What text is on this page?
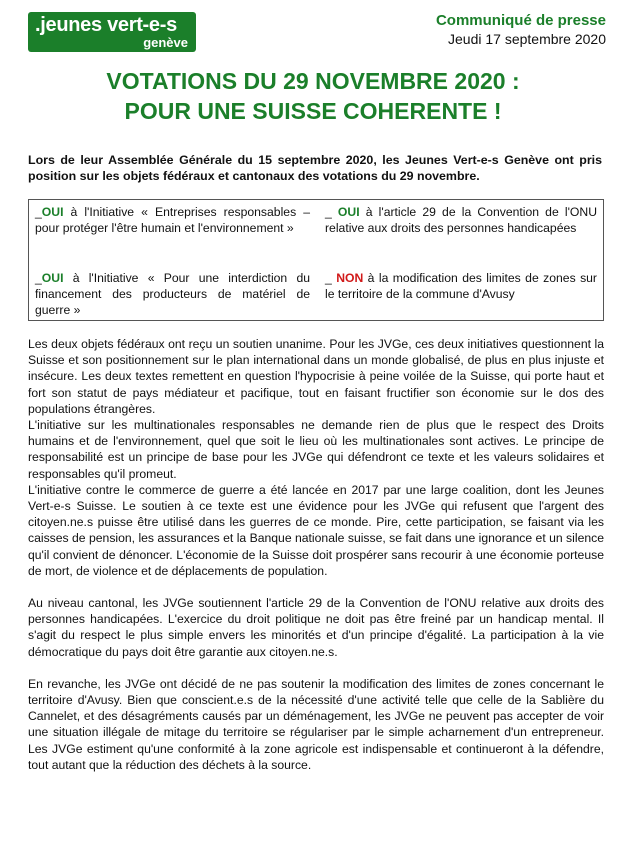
.jeunes vert-e-s
genève
Communiqué de presse
Jeudi 17 septembre 2020
VOTATIONS DU 29 NOVEMBRE 2020 :
POUR UNE SUISSE COHERENTE !
Lors de leur Assemblée Générale du 15 septembre 2020, les Jeunes Vert-e-s Genève ont pris position sur les objets fédéraux et cantonaux des votations du 29 novembre.
_OUI à l'Initiative « Entreprises responsables – pour protéger l'être humain et l'environnement »
_ OUI à l'article 29 de la Convention de l'ONU relative aux droits des personnes handicapées
_OUI à l'Initiative « Pour une interdiction du financement des producteurs de matériel de guerre »
_ NON à la modification des limites de zones sur le territoire de la commune d'Avusy

Les deux objets fédéraux ont reçu un soutien unanime. Pour les JVGe, ces deux initiatives questionnent la Suisse et son positionnement sur le plan international dans un monde globalisé, de plus en plus injuste et insécure. Les deux textes remettent en question l'hypocrisie à peine voilée de la Suisse, qui porte haut et fort son statut de pays médiateur et pacifique, tout en faisant fructifier son économie sur le dos des populations étrangères.

L'initiative sur les multinationales responsables ne demande rien de plus que le respect des Droits humains et de l'environnement, quel que soit le lieu où les multinationales sont actives. Le principe de responsabilité est un principe de base pour les JVGe qui défendront ce texte et les valeurs solidaires et responsables qu'il promeut.

L'initiative contre le commerce de guerre a été lancée en 2017 par une large coalition, dont les Jeunes Vert-e-s Suisse. Le soutien à ce texte est une évidence pour les JVGe qui refusent que l'argent des citoyen.ne.s puisse être utilisé dans les guerres de ce monde. Pire, cette participation, se faisant via les caisses de pension, les assurances et la Banque nationale suisse, se fait dans une ignorance et un silence qu'il convient de dénoncer. L'économie de la Suisse doit prospérer sans recourir à une économie porteuse de mort, de violence et de déplacements de population.

Au niveau cantonal, les JVGe soutiennent l'article 29 de la Convention de l'ONU relative aux droits des personnes handicapées. L'exercice du droit politique ne doit pas être freiné par un handicap mental. Il s'agit du respect le plus simple envers les minorités et d'un principe d'égalité. La participation à la vie démocratique du pays doit être garantie aux citoyen.ne.s.

En revanche, les JVGe ont décidé de ne pas soutenir la modification des limites de zones concernant le territoire d'Avusy. Bien que conscient.e.s de la nécessité d'une activité telle que celle de la Sablière du Cannelet, et des désagréments causés par un déménagement, les JVGe ne peuvent pas accepter de voir une situation illégale de mitage du territoire se régulariser par le simple acharnement d'un entrepreneur. Les JVGe estiment qu'une conformité à la zone agricole est indispensable et continueront à la défendre, tout autant que la réduction des déchets à la source.
